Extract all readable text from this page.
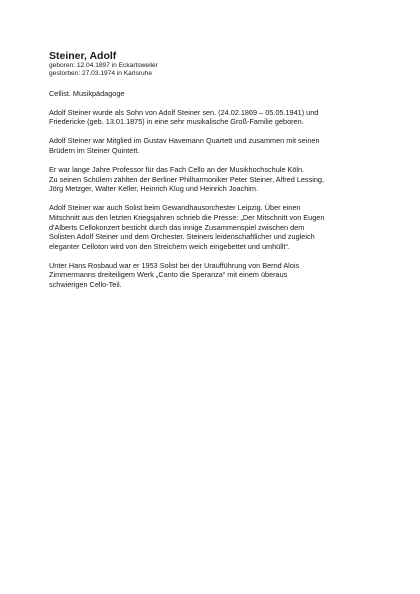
Steiner, Adolf

geboren: 12.04.1897 in Eckartsweiler

gestorben: 27.03.1974 in Karlsruhe

Cellist. Musikpädagoge

Adolf Steiner wurde als Sohn von Adolf Steiner sen. (24.02.1869 – 05.05.1941) und
Friedericke (geb. 13.01.1875) in eine sehr musikalische Groß-Familie geboren.

Adolf Steiner war Mitglied im Gustav Havemann Quartett und zusammen mit seinen
Brüdern im Steiner Quintett.

Er war lange Jahre Professor für das Fach Cello an der Musikhochschule Köln.
Zu seinen Schülern zählten der Berliner Philharmoniker Peter Steiner, Alfred Lessing,
Jörg Metzger, Walter Keller, Heinrich Klug und Heinrich Joachim.

Adolf Steiner war auch Solist beim Gewandhausorchester Leipzig. Über einen
Mitschnitt aus den letzten Kriegsjahren schrieb die Presse: „Der Mitschnitt von Eugen
d'Alberts Cellokonzert besticht durch das innige Zusammenspiel zwischen dem
Solisten Adolf Steiner und dem Orchester. Steiners leidenschaftlicher und zugleich
eleganter Celloton wird von den Streichern weich eingebettet und umhüllt“.

Unter Hans Rosbaud war er 1953 Solist bei der Uraufführung von Bernd Alois
Zimmermanns dreiteiligem Werk „Canto die Speranza“ mit einem überaus
schwierigen Cello-Teil.
